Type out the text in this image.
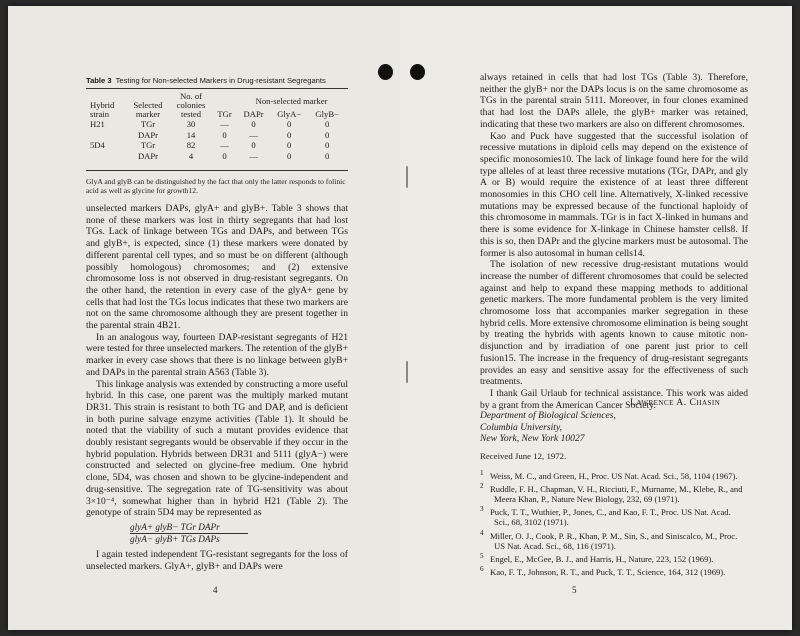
Table 3 Testing for Non-selected Markers in Drug-resistant Segregants
Hybrid strain	Selected marker	No. of colonies tested		Non-selected marker		
			TGr	DAPr	GlyA−	GlyB−
H21	TGr	30	—	0	0	0
	DAPr	14	0	—	0	0
5D4	TGr	82	—	0	0	0
	DAPr	4	0	—	0	0
GlyA and glyB can be distinguished by the fact that only the latter responds to folinic acid as well as glycine for growth12.

unselected markers DAPs, glyA+ and glyB+. Table 3 shows that none of these markers was lost in thirty segregants that had lost TGs. Lack of linkage between TGs and DAPs, and between TGs and glyB+, is expected, since (1) these markers were donated by different parental cell types, and so must be on different (although possibly homologous) chromosomes; and (2) extensive chromosome loss is not observed in drug-resistant segregants. On the other hand, the retention in every case of the glyA+ gene by cells that had lost the TGs locus indicates that these two markers are not on the same chromosome although they are present together in the parental strain 4B21.

In an analogous way, fourteen DAP-resistant segregants of H21 were tested for three unselected markers. The retention of the glyB+ marker in every case shows that there is no linkage between glyB+ and DAPs in the parental strain A563 (Table 3).

This linkage analysis was extended by constructing a more useful hybrid. In this case, one parent was the multiply marked mutant DR31. This strain is resistant to both TG and DAP, and is deficient in both purine salvage enzyme activities (Table 1). It should be noted that the viability of such a mutant provides evidence that doubly resistant segregants would be observable if they occur in the hybrid population. Hybrids between DR31 and 5111 (glyA−) were constructed and selected on glycine-free medium. One hybrid clone, 5D4, was chosen and shown to be glycine-independent and drug-sensitive. The segregation rate of TG-sensitivity was about 3×10⁻⁴, somewhat higher than in hybrid H21 (Table 2). The genotype of strain 5D4 may be represented as

glyA+ glyB− TGr DAPr
glyA− glyB+ TGs DAPs

I again tested independent TG-resistant segregants for the loss of unselected markers. GlyA+, glyB+ and DAPs were

4

always retained in cells that had lost TGs (Table 3). Therefore, neither the glyB+ nor the DAPs locus is on the same chromosome as TGs in the parental strain 5111. Moreover, in four clones examined that had lost the DAPs allele, the glyB+ marker was retained, indicating that these two markers are also on different chromosomes.

Kao and Puck have suggested that the successful isolation of recessive mutations in diploid cells may depend on the existence of specific monosomies10. The lack of linkage found here for the wild type alleles of at least three recessive mutations (TGr, DAPr, and gly A or B) would require the existence of at least three different monosomies in this CHO cell line. Alternatively, X-linked recessive mutations may be expressed because of the functional haploidy of this chromosome in mammals. TGr is in fact X-linked in humans and there is some evidence for X-linkage in Chinese hamster cells8. If this is so, then DAPr and the glycine markers must be autosomal. The former is also autosomal in human cells14.

The isolation of new recessive drug-resistant mutations would increase the number of different chromosomes that could be selected against and help to expand these mapping methods to additional genetic markers. The more fundamental problem is the very limited chromosome loss that accompanies marker segregation in these hybrid cells. More extensive chromosome elimination is being sought by treating the hybrids with agents known to cause mitotic non-disjunction and by irradiation of one parent just prior to cell fusion15. The increase in the frequency of drug-resistant segregants provides an easy and sensitive assay for the effectiveness of such treatments.

I thank Gail Urlaub for technical assistance. This work was aided by a grant from the American Cancer Society.

Lawrence A. Chasin
Department of Biological Sciences,
Columbia University,
New York, New York 10027
Received June 12, 1972.
$^1$ Weiss, M. C., and Green, H., Proc. US Nat. Acad. Sci., 58, 1104 (1967).
$^2$ Ruddle, F. H., Chapman, V. H., Ricciuti, F., Murname, M., Klebe, R., and Meera Khan, P., Nature New Biology, 232, 69 (1971).
$^3$ Puck, T. T., Wuthier, P., Jones, C., and Kao, F. T., Proc. US Nat. Acad. Sci., 68, 3102 (1971).
$^4$ Miller, O. J., Cook, P. R., Khan, P. M., Sin, S., and Siniscalco, M., Proc. US Nat. Acad. Sci., 68, 116 (1971).
$^5$ Engel, E., McGee, B. J., and Harris, H., Nature, 223, 152 (1969).
$^6$ Kao, F. T., Johnson, R. T., and Puck, T. T., Science, 164, 312 (1969).
5
